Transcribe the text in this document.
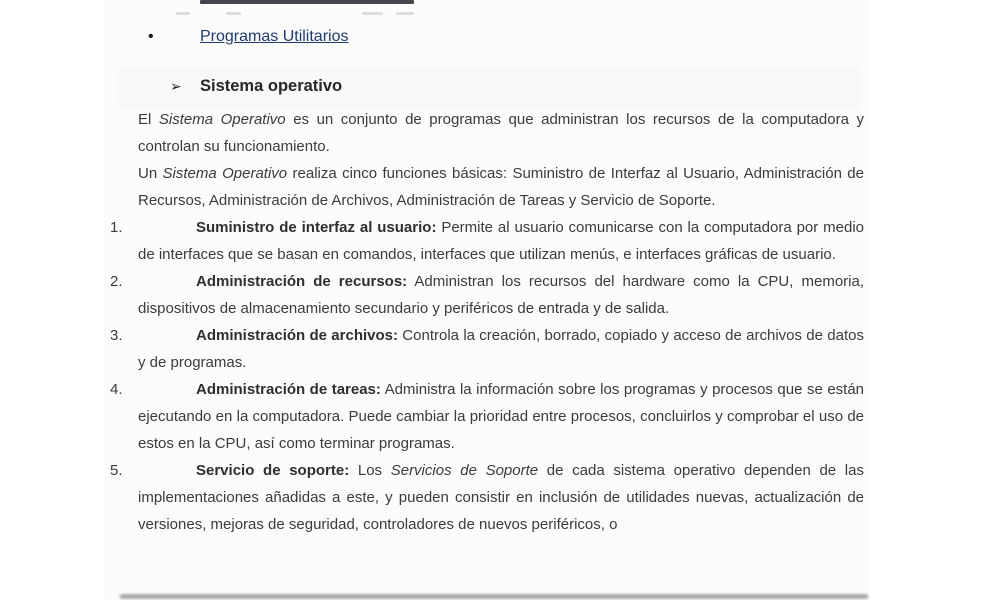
•	Programas Utilitarios
➢ Sistema operativo

El Sistema Operativo es un conjunto de programas que administran los recursos de la computadora y controlan su funcionamiento.

Un Sistema Operativo realiza cinco funciones básicas: Suministro de Interfaz al Usuario, Administración de Recursos, Administración de Archivos, Administración de Tareas y Servicio de Soporte.

1.	Suministro de interfaz al usuario: Permite al usuario comunicarse con la computadora por medio de interfaces que se basan en comandos, interfaces que utilizan menús, e interfaces gráficas de usuario.

2.	Administración de recursos: Administran los recursos del hardware como la CPU, memoria, dispositivos de almacenamiento secundario y periféricos de entrada y de salida.

3.	Administración de archivos: Controla la creación, borrado, copiado y acceso de archivos de datos y de programas.

4.	Administración de tareas: Administra la información sobre los programas y procesos que se están ejecutando en la computadora. Puede cambiar la prioridad entre procesos, concluirlos y comprobar el uso de estos en la CPU, así como terminar programas.

5.	Servicio de soporte: Los Servicios de Soporte de cada sistema operativo dependen de las implementaciones añadidas a este, y pueden consistir en inclusión de utilidades nuevas, actualización de versiones, mejoras de seguridad, controladores de nuevos periféricos, o
